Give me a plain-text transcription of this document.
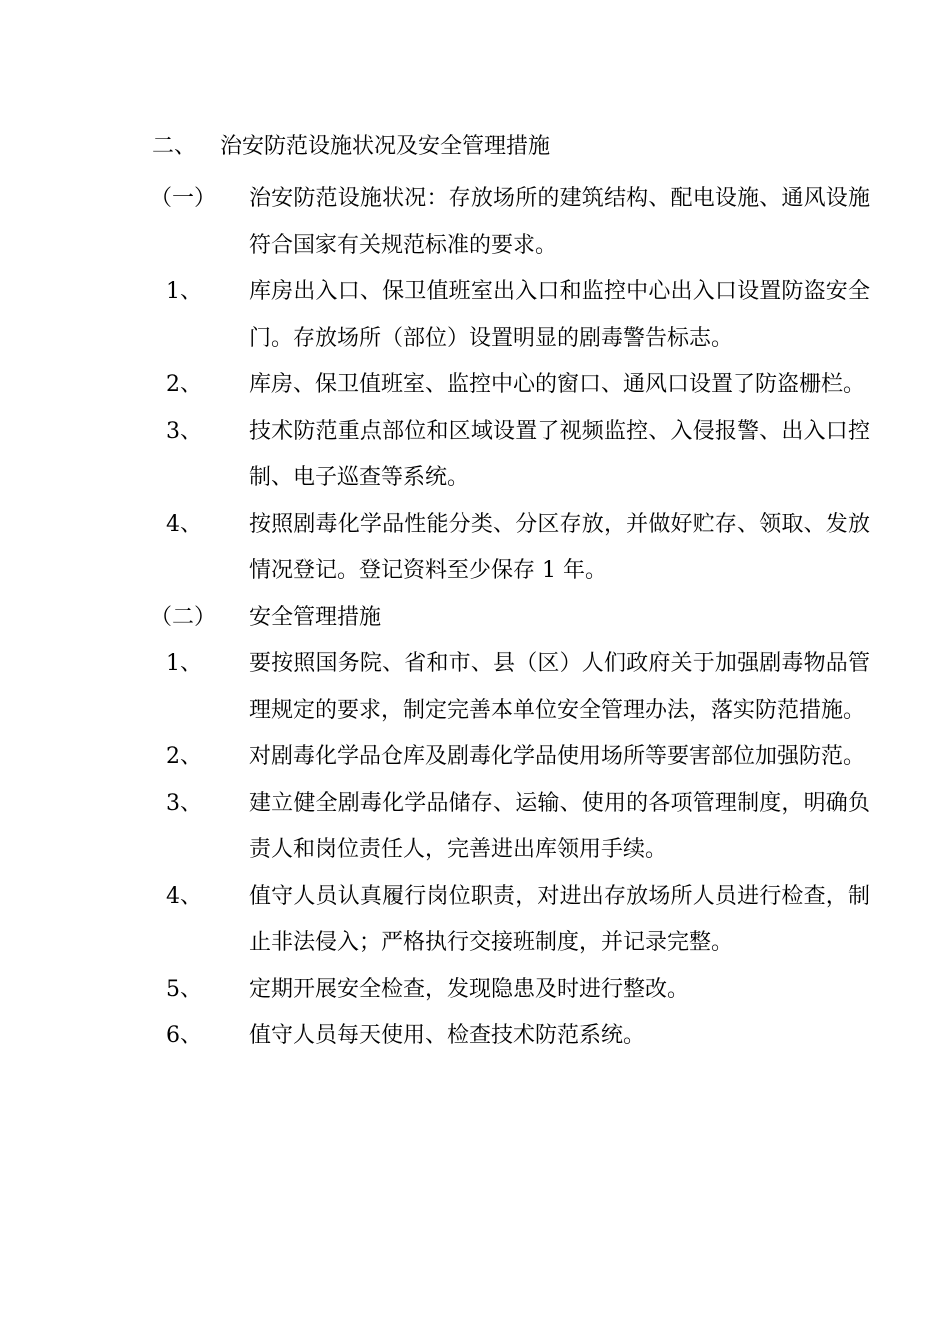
二、 治安防范设施状况及安全管理措施
（一）	治安防范设施状况：存放场所的建筑结构、配电设施、通风设施符合国家有关规范标准的要求。
1、	库房出入口、保卫值班室出入口和监控中心出入口设置防盗安全门。存放场所（部位）设置明显的剧毒警告标志。
2、	库房、保卫值班室、监控中心的窗口、通风口设置了防盗栅栏。
3、	技术防范重点部位和区域设置了视频监控、入侵报警、出入口控制、电子巡查等系统。
4、	按照剧毒化学品性能分类、分区存放，并做好贮存、领取、发放情况登记。登记资料至少保存 1 年。
（二）	安全管理措施
1、	要按照国务院、省和市、县（区）人们政府关于加强剧毒物品管理规定的要求，制定完善本单位安全管理办法，落实防范措施。
2、	对剧毒化学品仓库及剧毒化学品使用场所等要害部位加强防范。
3、	建立健全剧毒化学品储存、运输、使用的各项管理制度，明确负责人和岗位责任人，完善进出库领用手续。
4、	值守人员认真履行岗位职责，对进出存放场所人员进行检查，制止非法侵入；严格执行交接班制度，并记录完整。
5、	定期开展安全检查，发现隐患及时进行整改。
6、	值守人员每天使用、检查技术防范系统。
